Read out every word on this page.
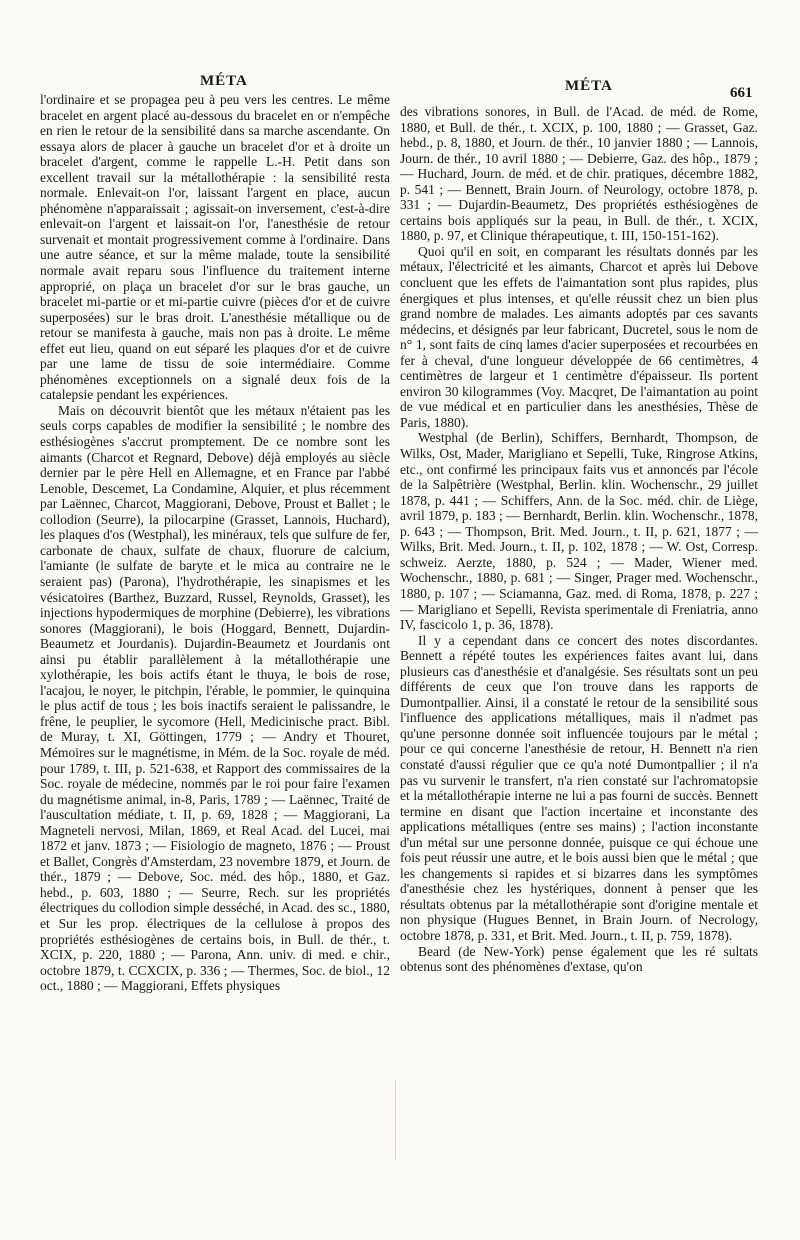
MÉTA	MÉTA	661

l'ordinaire et se propagea peu à peu vers les centres. Le même bracelet en argent placé au-dessous du bracelet en or n'empêche en rien le retour de la sensibilité dans sa marche ascendante. On essaya alors de placer à gauche un bracelet d'or et à droite un bracelet d'argent, comme le rappelle L.-H. Petit dans son excellent travail sur la métallothérapie : la sensibilité resta normale. Enlevait-on l'or, laissant l'argent en place, aucun phénomène n'apparaissait ; agissait-on inversement, c'est-à-dire enlevait-on l'argent et laissait-on l'or, l'anesthésie de retour survenait et montait progressivement comme à l'ordinaire. Dans une autre séance, et sur la même malade, toute la sensibilité normale avait reparu sous l'influence du traitement interne approprié, on plaça un bracelet d'or sur le bras gauche, un bracelet mi-partie or et mi-partie cuivre (pièces d'or et de cuivre superposées) sur le bras droit. L'anesthésie métallique ou de retour se manifesta à gauche, mais non pas à droite. Le même effet eut lieu, quand on eut séparé les plaques d'or et de cuivre par une lame de tissu de soie intermédiaire. Comme phénomènes exceptionnels on a signalé deux fois de la catalepsie pendant les expériences.

Mais on découvrit bientôt que les métaux n'étaient pas les seuls corps capables de modifier la sensibilité ; le nombre des esthésiogènes s'accrut promptement. De ce nombre sont les aimants (Charcot et Regnard, Debove) déjà employés au siècle dernier par le père Hell en Allemagne, et en France par l'abbé Lenoble, Descemet, La Condamine, Alquier, et plus récemment par Laënnec, Charcot, Maggiorani, Debove, Proust et Ballet ; le collodion (Seurre), la pilocarpine (Grasset, Lannois, Huchard), les plaques d'os (Westphal), les minéraux, tels que sulfure de fer, carbonate de chaux, sulfate de chaux, fluorure de calcium, l'amiante (le sulfate de baryte et le mica au contraire ne le seraient pas) (Parona), l'hydrothérapie, les sinapismes et les vésicatoires (Barthez, Buzzard, Russel, Reynolds, Grasset), les injections hypodermiques de morphine (Debierre), les vibrations sonores (Maggiorani), le bois (Hoggard, Bennett, Dujardin-Beaumetz et Jourdanis). Dujardin-Beaumetz et Jourdanis ont ainsi pu établir parallèlement à la métallothérapie une xylothérapie, les bois actifs étant le thuya, le bois de rose, l'acajou, le noyer, le pitchpin, l'érable, le pommier, le quinquina le plus actif de tous ; les bois inactifs seraient le palissandre, le frêne, le peuplier, le sycomore (Hell, Medicinische pract. Bibl. de Muray, t. XI, Göttingen, 1779 ; — Andry et Thouret, Mémoires sur le magnétisme, in Mém. de la Soc. royale de méd. pour 1789, t. III, p. 521-638, et Rapport des commissaires de la Soc. royale de médecine, nommés par le roi pour faire l'examen du magnétisme animal, in-8, Paris, 1789 ; — Laënnec, Traité de l'auscultation médiate, t. II, p. 69, 1828 ; — Maggiorani, La Magneteli nervosi, Milan, 1869, et Real Acad. del Lucei, mai 1872 et janv. 1873 ; — Fisiologio de magneto, 1876 ; — Proust et Ballet, Congrès d'Amsterdam, 23 novembre 1879, et Journ. de thér., 1879 ; — Debove, Soc. méd. des hôp., 1880, et Gaz. hebd., p. 603, 1880 ; — Seurre, Rech. sur les propriétés électriques du collodion simple desséché, in Acad. des sc., 1880, et Sur les prop. électriques de la cellulose à propos des propriétés esthésiogènes de certains bois, in Bull. de thér., t. XCIX, p. 220, 1880 ; — Parona, Ann. univ. di med. e chir., octobre 1879, t. CCXCIX, p. 336 ; — Thermes, Soc. de biol., 12 oct., 1880 ; — Maggiorani, Effets physiques

des vibrations sonores, in Bull. de l'Acad. de méd. de Rome, 1880, et Bull. de thér., t. XCIX, p. 100, 1880 ; — Grasset, Gaz. hebd., p. 8, 1880, et Journ. de thér., 10 janvier 1880 ; — Lannois, Journ. de thér., 10 avril 1880 ; — Debierre, Gaz. des hôp., 1879 ; — Huchard, Journ. de méd. et de chir. pratiques, décembre 1882, p. 541 ; — Bennett, Brain Journ. of Neurology, octobre 1878, p. 331 ; — Dujardin-Beaumetz, Des propriétés esthésiogènes de certains bois appliqués sur la peau, in Bull. de thér., t. XCIX, 1880, p. 97, et Clinique thérapeutique, t. III, 150-151-162).

Quoi qu'il en soit, en comparant les résultats donnés par les métaux, l'électricité et les aimants, Charcot et après lui Debove concluent que les effets de l'aimantation sont plus rapides, plus énergiques et plus intenses, et qu'elle réussit chez un bien plus grand nombre de malades. Les aimants adoptés par ces savants médecins, et désignés par leur fabricant, Ducretel, sous le nom de n° 1, sont faits de cinq lames d'acier superposées et recourbées en fer à cheval, d'une longueur développée de 66 centimètres, 4 centimètres de largeur et 1 centimètre d'épaisseur. Ils portent environ 30 kilogrammes (Voy. Macqret, De l'aimantation au point de vue médical et en particulier dans les anesthésies, Thèse de Paris, 1880).

Westphal (de Berlin), Schiffers, Bernhardt, Thompson, de Wilks, Ost, Mader, Marigliano et Sepelli, Tuke, Ringrose Atkins, etc., ont confirmé les principaux faits vus et annoncés par l'école de la Salpêtrière (Westphal, Berlin. klin. Wochenschr., 29 juillet 1878, p. 441 ; — Schiffers, Ann. de la Soc. méd. chir. de Liège, avril 1879, p. 183 ; — Bernhardt, Berlin. klin. Wochenschr., 1878, p. 643 ; — Thompson, Brit. Med. Journ., t. II, p. 621, 1877 ; — Wilks, Brit. Med. Journ., t. II, p. 102, 1878 ; — W. Ost, Corresp. schweiz. Aerzte, 1880, p. 524 ; — Mader, Wiener med. Wochenschr., 1880, p. 681 ; — Singer, Prager med. Wochenschr., 1880, p. 107 ; — Sciamanna, Gaz. med. di Roma, 1878, p. 227 ; — Marigliano et Sepelli, Revista sperimentale di Freniatria, anno IV, fascicolo 1, p. 36, 1878).

Il y a cependant dans ce concert des notes discordantes. Bennett a répété toutes les expériences faites avant lui, dans plusieurs cas d'anesthésie et d'analgésie. Ses résultats sont un peu différents de ceux que l'on trouve dans les rapports de Dumontpallier. Ainsi, il a constaté le retour de la sensibilité sous l'influence des applications métalliques, mais il n'admet pas qu'une personne donnée soit influencée toujours par le métal ; pour ce qui concerne l'anesthésie de retour, H. Bennett n'a rien constaté d'aussi régulier que ce qu'a noté Dumontpallier ; il n'a pas vu survenir le transfert, n'a rien constaté sur l'achromatopsie et la métallothérapie interne ne lui a pas fourni de succès. Bennett termine en disant que l'action incertaine et inconstante des applications métalliques (entre ses mains) ; l'action inconstante d'un métal sur une personne donnée, puisque ce qui échoue une fois peut réussir une autre, et le bois aussi bien que le métal ; que les changements si rapides et si bizarres dans les symptômes d'anesthésie chez les hystériques, donnent à penser que les résultats obtenus par la métallothérapie sont d'origine mentale et non physique (Hugues Bennet, in Brain Journ. of Necrology, octobre 1878, p. 331, et Brit. Med. Journ., t. II, p. 759, 1878).

Beard (de New-York) pense également que les ré sultats obtenus sont des phénomènes d'extase, qu'on
